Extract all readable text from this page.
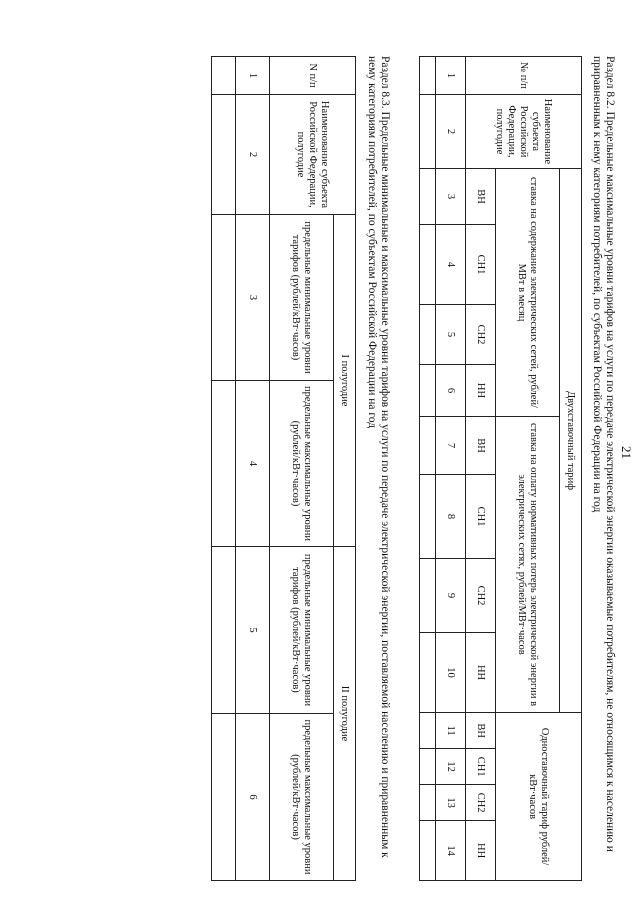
21
Раздел 8.2. Предельные максимальные уровни тарифов на услуги по передаче электрической энергии оказываемые потребителям, не относящимся к населению и приравненным к нему категориям потребителей, по субъектам Российской Федерации на год
№ п/п	Наименование субъекта Российской Федерации, полугодие	Двухставочный тариф								Одноставочный тариф рублей/кВт·часов			
		ставка на содержание электрических сетей, рублей/МВт в месяц				ставка на оплату нормативных потерь электрической энергии в электрических сетях, рублей/МВт·часов							
		ВН	СН1	СН2	НН	ВН	СН1	СН2	НН	ВН	СН1	СН2	НН
1	2	3	4	5	6	7	8	9	10	11	12	13	14

Раздел 8.3. Предельные минимальные и максимальные уровни тарифов на услуги по передаче электрической энергии, поставляемой населению и приравненным к нему категориям потребителей, по субъектам Российской Федерации на год
N п/п	Наименование субъекта Российской Федерации, полугодие	I полугодие		II полугодие	
		предельные минимальные уровни тарифов (рублей/кВт·часов)	предельные максимальные уровни (рублей/кВт·часов)	предельные минимальные уровни тарифов (рублей/кВт·часов)	предельные максимальные уровни (рублей/кВт·часов)
1	2	3	4	5	6
